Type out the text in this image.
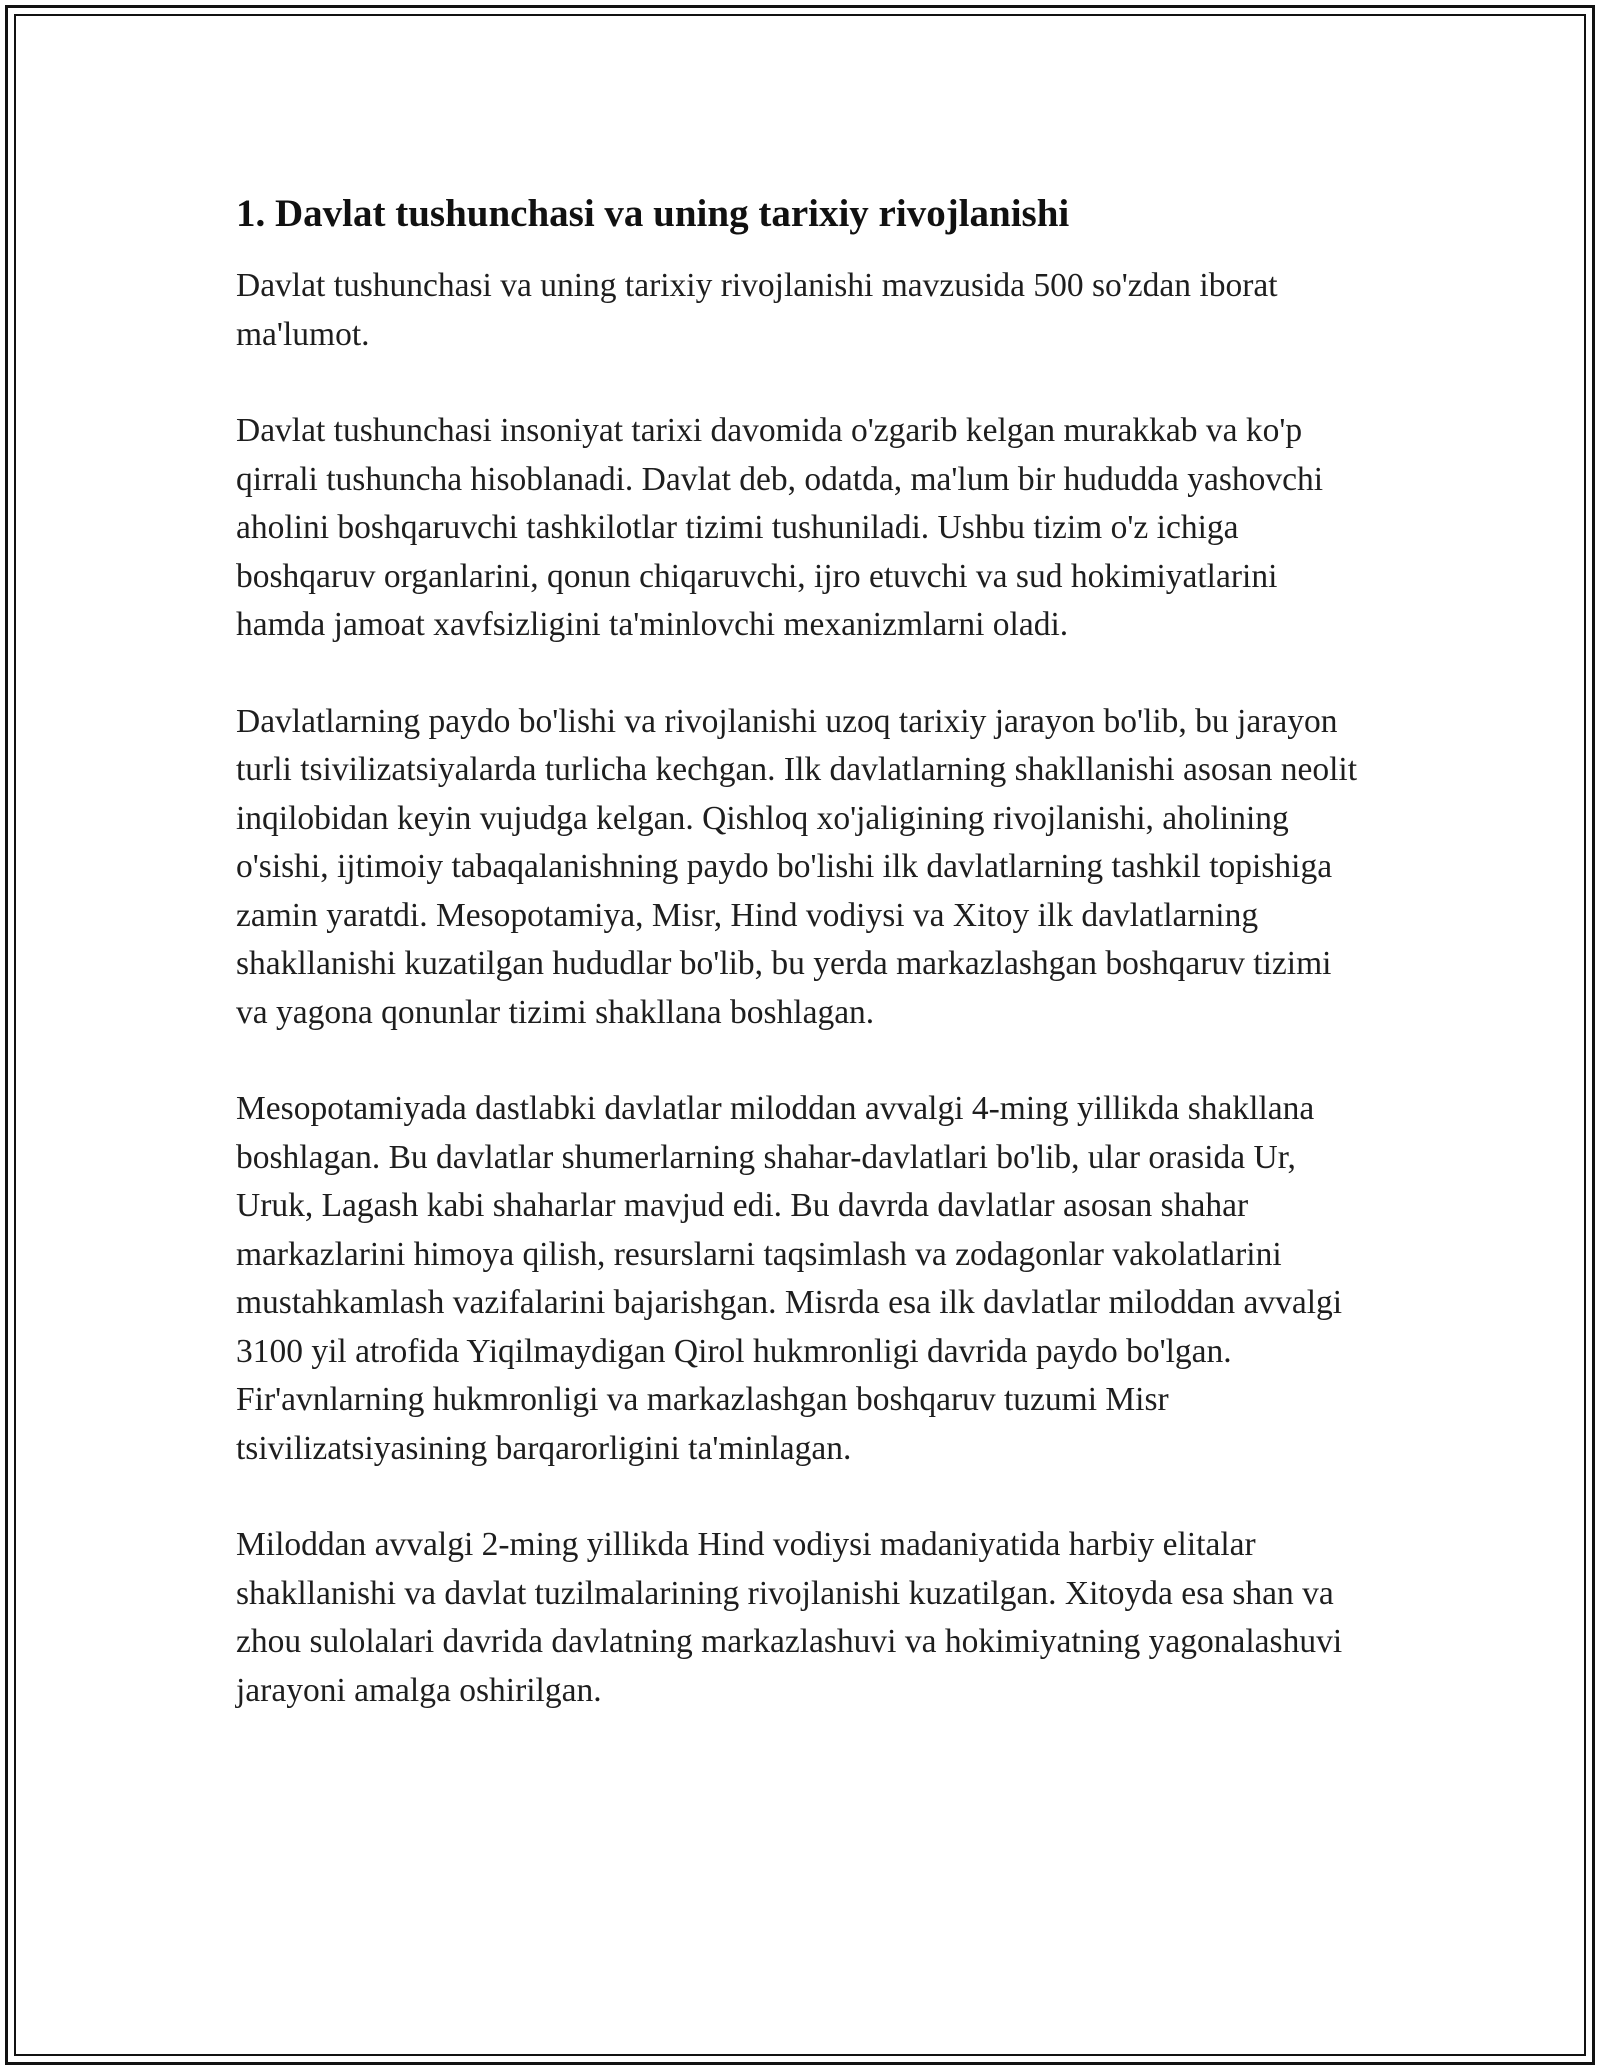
1. Davlat tushunchasi va uning tarixiy rivojlanishi

Davlat tushunchasi va uning tarixiy rivojlanishi mavzusida 500 so'zdan iborat ma'lumot.

Davlat tushunchasi insoniyat tarixi davomida o'zgarib kelgan murakkab va ko'p qirrali tushuncha hisoblanadi. Davlat deb, odatda, ma'lum bir hududda yashovchi aholini boshqaruvchi tashkilotlar tizimi tushuniladi. Ushbu tizim o'z ichiga boshqaruv organlarini, qonun chiqaruvchi, ijro etuvchi va sud hokimiyatlarini hamda jamoat xavfsizligini ta'minlovchi mexanizmlarni oladi.

Davlatlarning paydo bo'lishi va rivojlanishi uzoq tarixiy jarayon bo'lib, bu jarayon turli tsivilizatsiyalarda turlicha kechgan. Ilk davlatlarning shakllanishi asosan neolit inqilobidan keyin vujudga kelgan. Qishloq xo'jaligining rivojlanishi, aholining o'sishi, ijtimoiy tabaqalanishning paydo bo'lishi ilk davlatlarning tashkil topishiga zamin yaratdi. Mesopotamiya, Misr, Hind vodiysi va Xitoy ilk davlatlarning shakllanishi kuzatilgan hududlar bo'lib, bu yerda markazlashgan boshqaruv tizimi va yagona qonunlar tizimi shakllana boshlagan.

Mesopotamiyada dastlabki davlatlar miloddan avvalgi 4-ming yillikda shakllana boshlagan. Bu davlatlar shumerlarning shahar-davlatlari bo'lib, ular orasida Ur, Uruk, Lagash kabi shaharlar mavjud edi. Bu davrda davlatlar asosan shahar markazlarini himoya qilish, resurslarni taqsimlash va zodagonlar vakolatlarini mustahkamlash vazifalarini bajarishgan. Misrda esa ilk davlatlar miloddan avvalgi 3100 yil atrofida Yiqilmaydigan Qirol hukmronligi davrida paydo bo'lgan. Fir'avnlarning hukmronligi va markazlashgan boshqaruv tuzumi Misr tsivilizatsiyasining barqarorligini ta'minlagan.

Miloddan avvalgi 2-ming yillikda Hind vodiysi madaniyatida harbiy elitalar shakllanishi va davlat tuzilmalarining rivojlanishi kuzatilgan. Xitoyda esa shan va zhou sulolalari davrida davlatning markazlashuvi va hokimiyatning yagonalashuvi jarayoni amalga oshirilgan.
